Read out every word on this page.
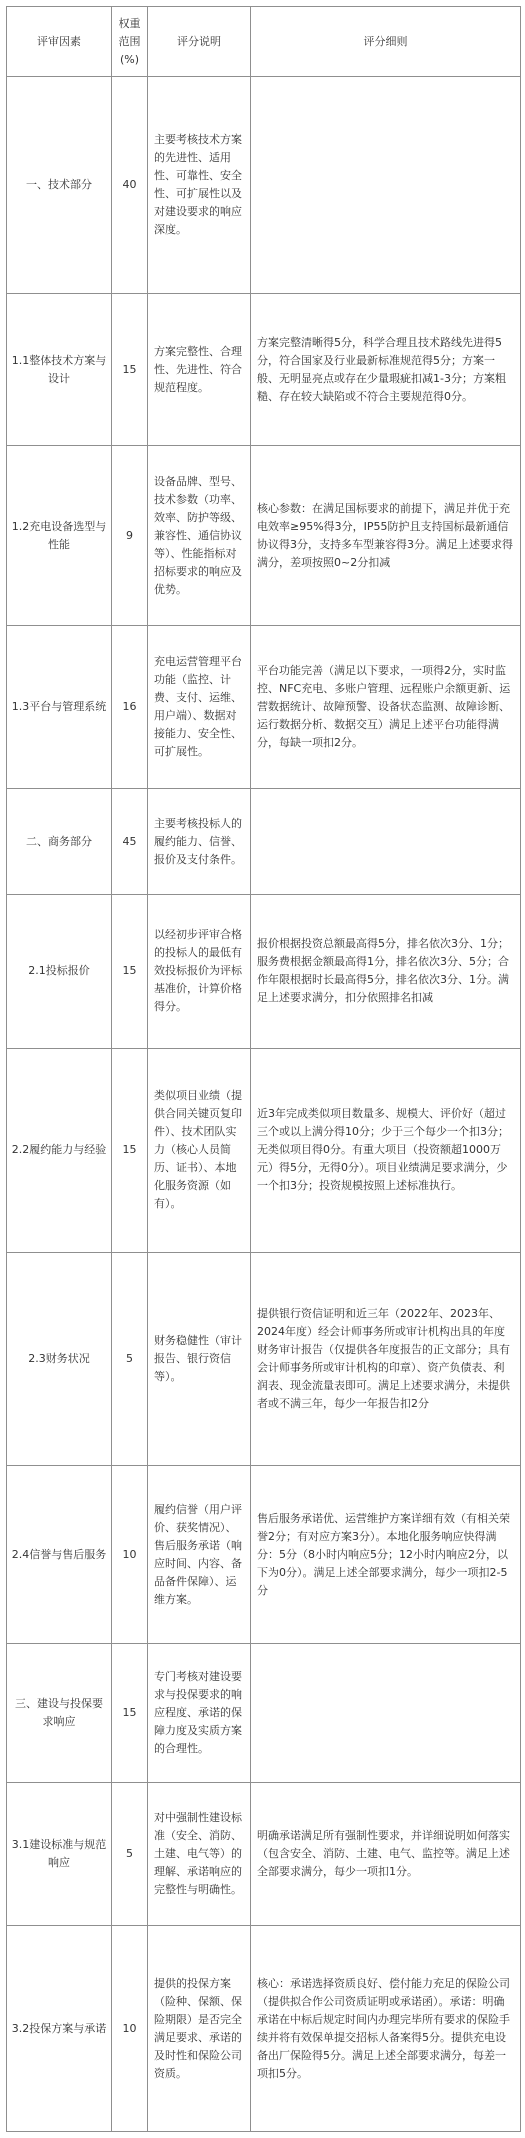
评审因素	权重范围(%)	评分说明	评分细则
一、技术部分	40	主要考核技术方案的先进性、适用性、可靠性、安全性、可扩展性以及对建设要求的响应深度。	
1.1整体技术方案与设计	15	方案完整性、合理性、先进性、符合规范程度。	方案完整清晰得5分，科学合理且技术路线先进得5分，符合国家及行业最新标准规范得5分；方案一般、无明显亮点或存在少量瑕疵扣减1-3分；方案粗糙、存在较大缺陷或不符合主要规范得0分。
1.2充电设备选型与性能	9	设备品牌、型号、技术参数（功率、效率、防护等级、兼容性、通信协议等）、性能指标对招标要求的响应及优势。	核心参数：在满足国标要求的前提下，满足并优于充电效率≥95%得3分，IP55防护且支持国标最新通信协议得3分，支持多车型兼容得3分。满足上述要求得满分，差项按照0~2分扣减
1.3平台与管理系统	16	充电运营管理平台功能（监控、计费、支付、运维、用户端）、数据对接能力、安全性、可扩展性。	平台功能完善（满足以下要求，一项得2分，实时监控、NFC充电、多账户管理、远程账户余额更新、运营数据统计、故障预警、设备状态监测、故障诊断、运行数据分析、数据交互）满足上述平台功能得满分，每缺一项扣2分。
二、商务部分	45	主要考核投标人的履约能力、信誉、报价及支付条件。	
2.1投标报价	15	以经初步评审合格的投标人的最低有效投标报价为评标基准价，计算价格得分。	报价根据投资总额最高得5分，排名依次3分、1分；服务费根据金额最高得1分，排名依次3分、5分；合作年限根据时长最高得5分，排名依次3分、1分。满足上述要求满分，扣分依照排名扣减
2.2履约能力与经验	15	类似项目业绩（提供合同关键页复印件）、技术团队实力（核心人员简历、证书）、本地化服务资源（如有）。	近3年完成类似项目数量多、规模大、评价好（超过三个或以上满分得10分；少于三个每少一个扣3分；无类似项目得0分。有重大项目（投资额超1000万元）得5分，无得0分）。项目业绩满足要求满分，少一个扣3分；投资规模按照上述标准执行。
2.3财务状况	5	财务稳健性（审计报告、银行资信等）。	提供银行资信证明和近三年（2022年、2023年、2024年度）经会计师事务所或审计机构出具的年度财务审计报告（仅提供各年度报告的正文部分；具有会计师事务所或审计机构的印章）、资产负债表、利润表、现金流量表即可。满足上述要求满分，未提供者或不满三年，每少一年报告扣2分
2.4信誉与售后服务	10	履约信誉（用户评价、获奖情况）、售后服务承诺（响应时间、内容、备品备件保障）、运维方案。	售后服务承诺优、运营维护方案详细有效（有相关荣誉2分；有对应方案3分）。本地化服务响应快得满分：5分（8小时内响应5分；12小时内响应2分，以下为0分）。满足上述全部要求满分，每少一项扣2-5分
三、建设与投保要求响应	15	专门考核对建设要求与投保要求的响应程度、承诺的保障力度及实质方案的合理性。	
3.1建设标准与规范响应	5	对中强制性建设标准（安全、消防、土建、电气等）的理解、承诺响应的完整性与明确性。	明确承诺满足所有强制性要求，并详细说明如何落实（包含安全、消防、土建、电气、监控等。满足上述全部要求满分，每少一项扣1分。
3.2投保方案与承诺	10	提供的投保方案（险种、保额、保险期限）是否完全满足要求、承诺的及时性和保险公司资质。	核心：承诺选择资质良好、偿付能力充足的保险公司（提供拟合作公司资质证明或承诺函）。承诺：明确承诺在中标后规定时间内办理完毕所有要求的保险手续并将有效保单提交招标人备案得5分。提供充电设备出厂保险得5分。满足上述全部要求满分，每差一项扣5分。
